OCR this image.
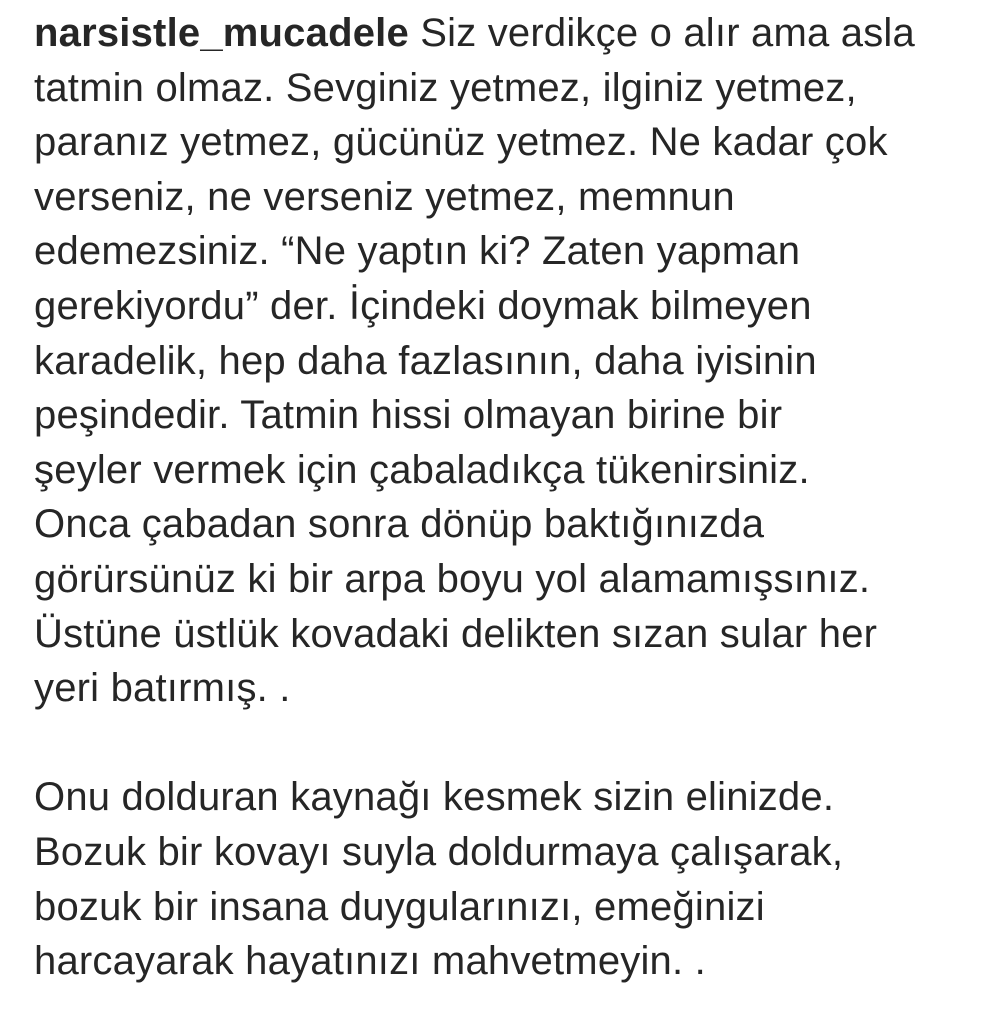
narsistle_mucadele Siz verdikçe o alır ama asla
tatmin olmaz. Sevginiz yetmez, ilginiz yetmez,
paranız yetmez, gücünüz yetmez. Ne kadar çok
verseniz, ne verseniz yetmez, memnun
edemezsiniz. “Ne yaptın ki? Zaten yapman
gerekiyordu” der. İçindeki doymak bilmeyen
karadelik, hep daha fazlasının, daha iyisinin
peşindedir. Tatmin hissi olmayan birine bir
şeyler vermek için çabaladıkça tükenirsiniz.
Onca çabadan sonra dönüp baktığınızda
görürsünüz ki bir arpa boyu yol alamamışsınız.
Üstüne üstlük kovadaki delikten sızan sular her
yeri batırmış. .

Onu dolduran kaynağı kesmek sizin elinizde.
Bozuk bir kovayı suyla doldurmaya çalışarak,
bozuk bir insana duygularınızı, emeğinizi
harcayarak hayatınızı mahvetmeyin. .
